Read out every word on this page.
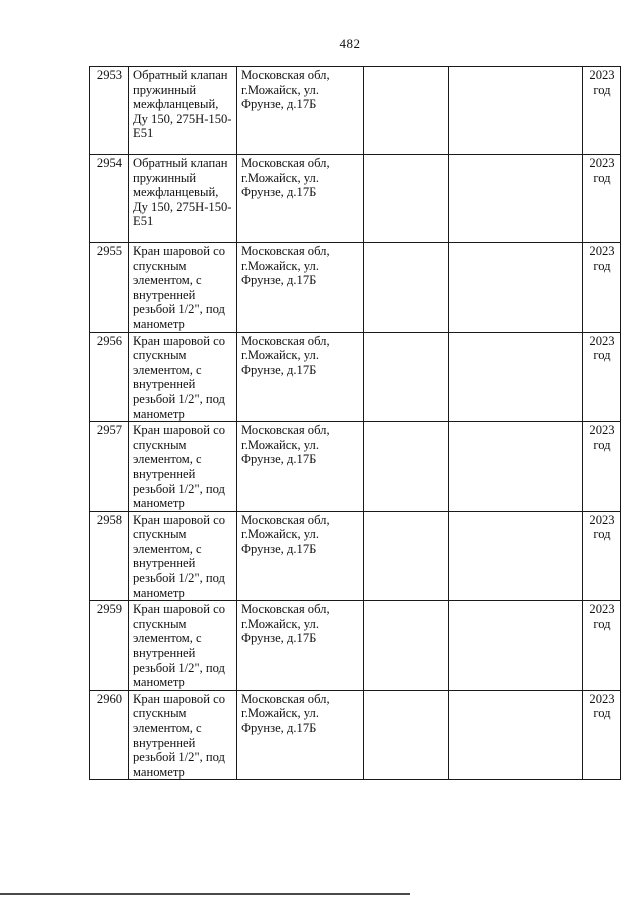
482
2953	Обратный клапан пружинный межфланцевый, Ду 150, 275Н-150-Е51	Московская обл, г.Можайск, ул. Фрунзе, д.17Б			2023 год
2954	Обратный клапан пружинный межфланцевый, Ду 150, 275Н-150-Е51	Московская обл, г.Можайск, ул. Фрунзе, д.17Б			2023 год
2955	Кран шаровой со спускным элементом, с внутренней резьбой 1/2", под манометр	Московская обл, г.Можайск, ул. Фрунзе, д.17Б			2023 год
2956	Кран шаровой со спускным элементом, с внутренней резьбой 1/2", под манометр	Московская обл, г.Можайск, ул. Фрунзе, д.17Б			2023 год
2957	Кран шаровой со спускным элементом, с внутренней резьбой 1/2", под манометр	Московская обл, г.Можайск, ул. Фрунзе, д.17Б			2023 год
2958	Кран шаровой со спускным элементом, с внутренней резьбой 1/2", под манометр	Московская обл, г.Можайск, ул. Фрунзе, д.17Б			2023 год
2959	Кран шаровой со спускным элементом, с внутренней резьбой 1/2", под манометр	Московская обл, г.Можайск, ул. Фрунзе, д.17Б			2023 год
2960	Кран шаровой со спускным элементом, с внутренней резьбой 1/2", под манометр	Московская обл, г.Можайск, ул. Фрунзе, д.17Б			2023 год
